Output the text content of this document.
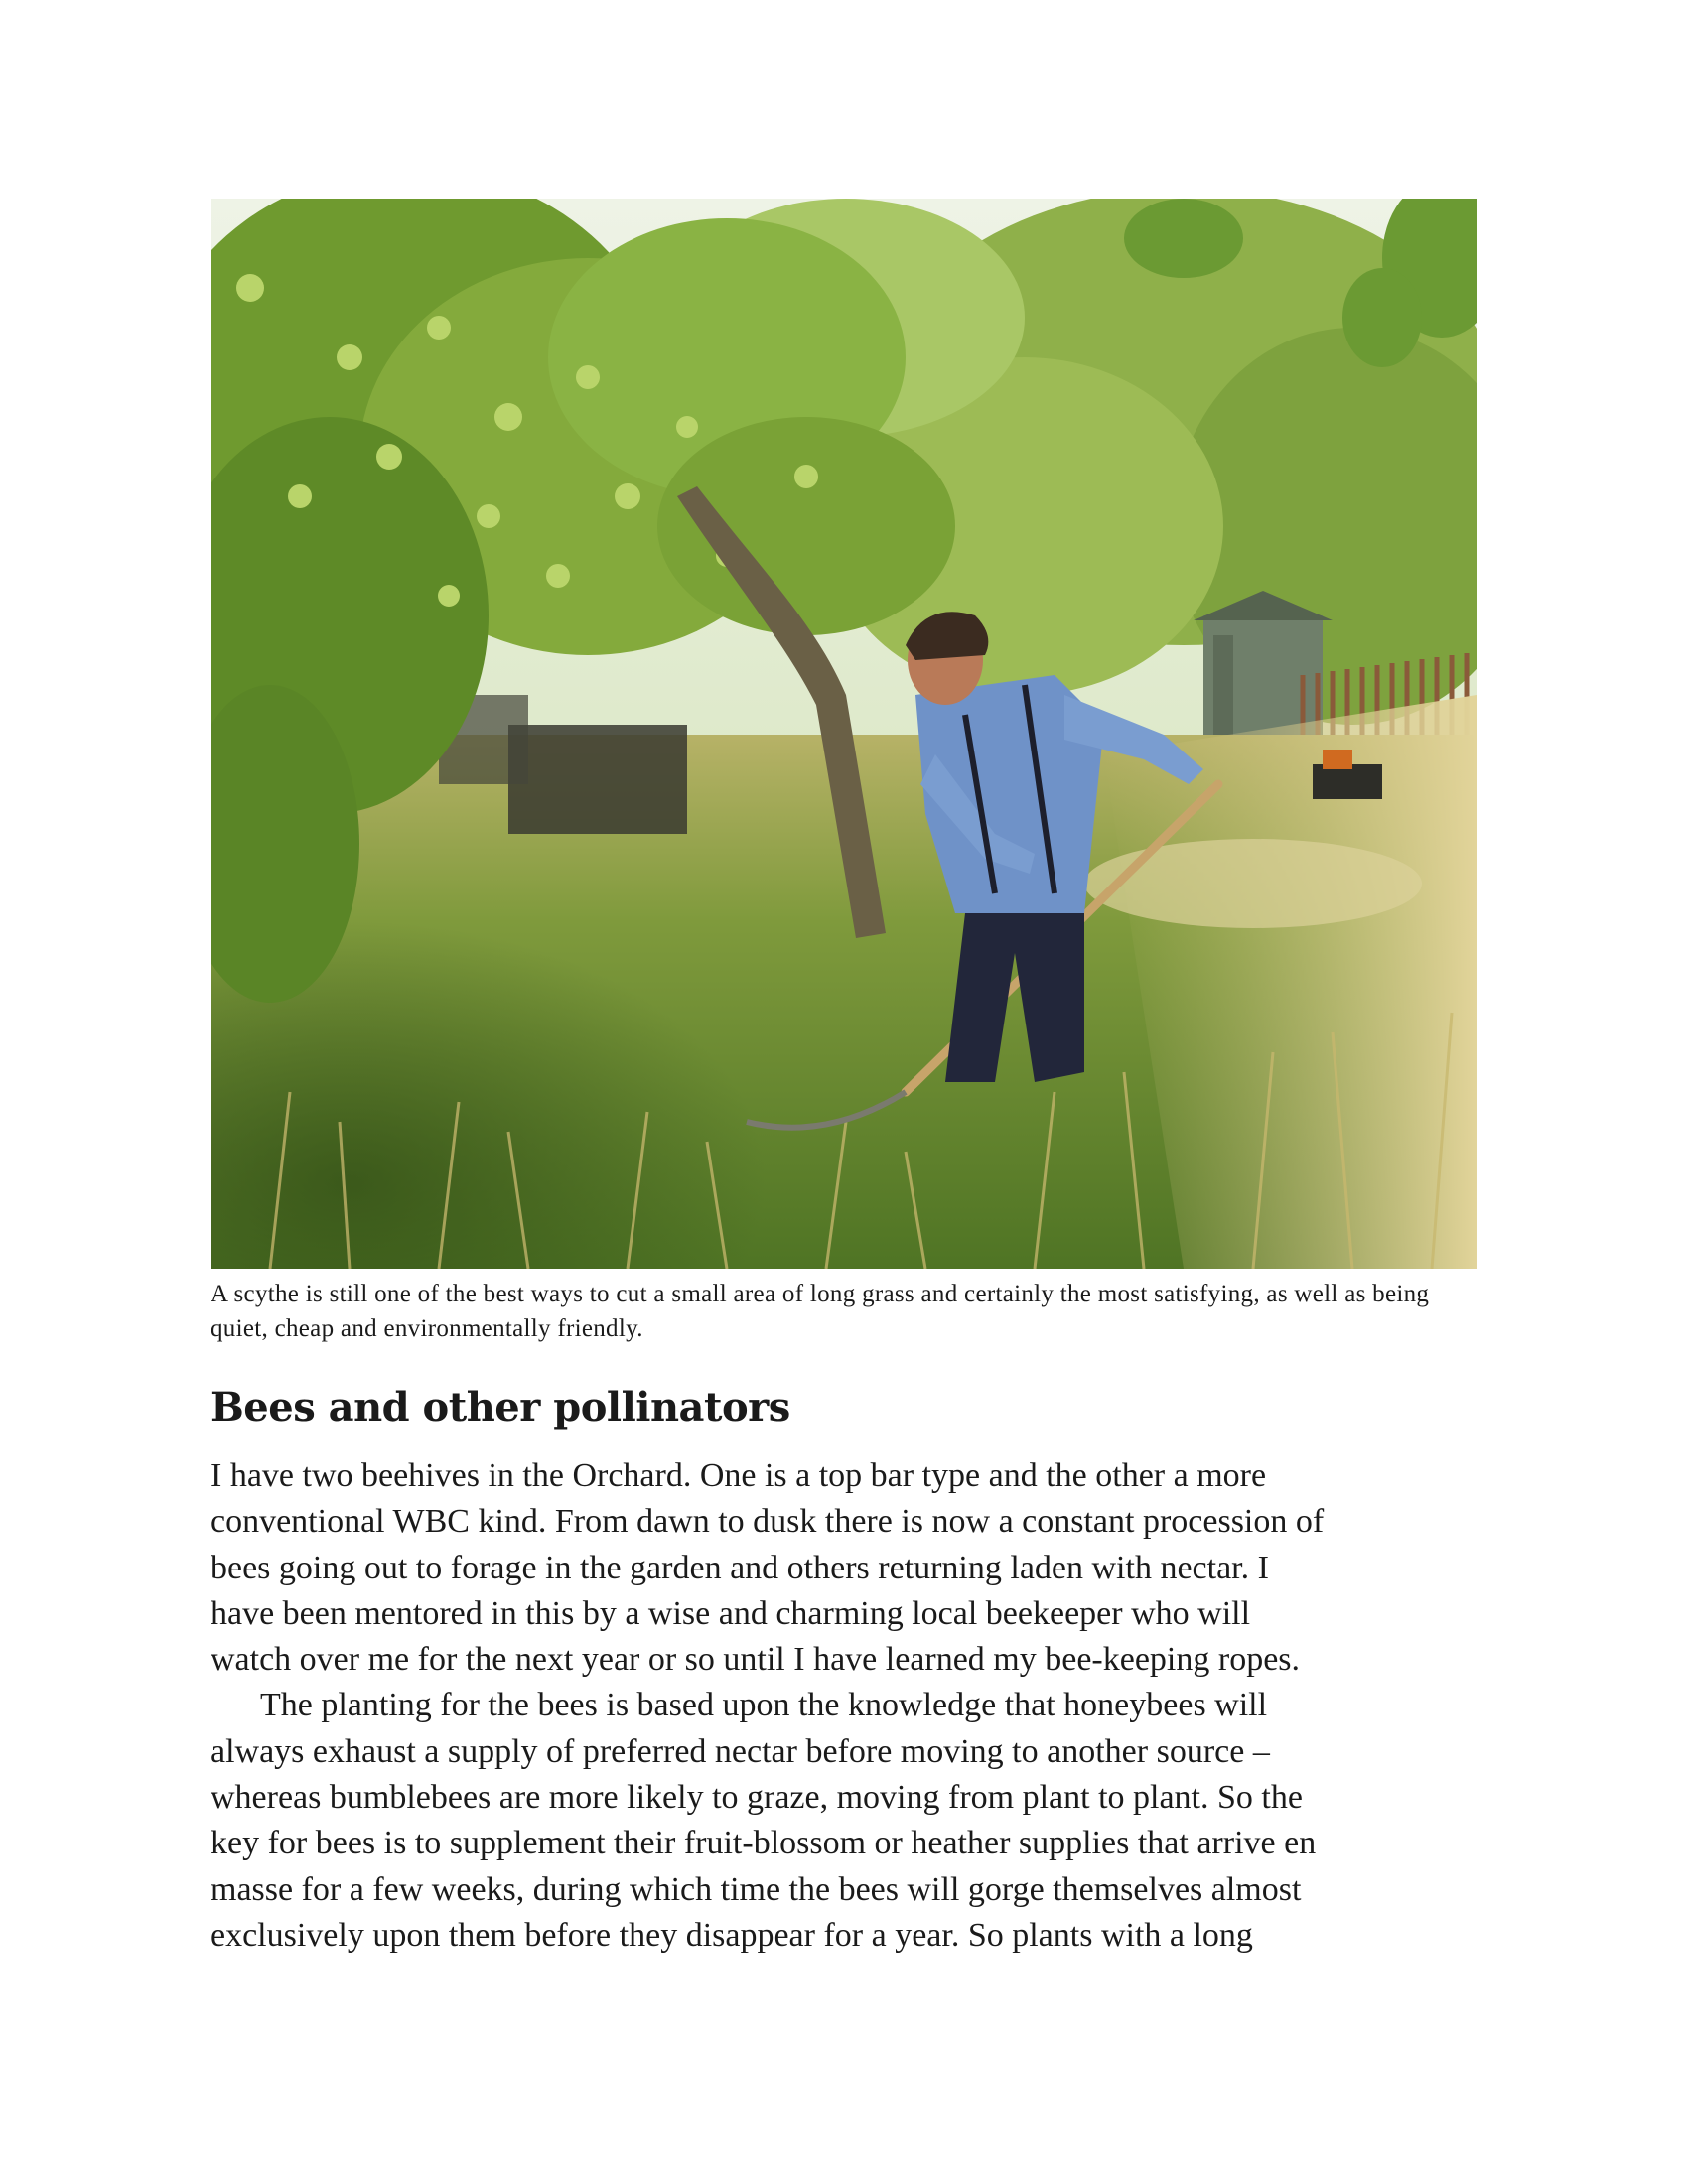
A scythe is still one of the best ways to cut a small area of long grass and certainly the most satisfying, as well as being quiet, cheap and environmentally friendly.

Bees and other pollinators

I have two beehives in the Orchard. One is a top bar type and the other a more
conventional WBC kind. From dawn to dusk there is now a constant procession of
bees going out to forage in the garden and others returning laden with nectar. I
have been mentored in this by a wise and charming local beekeeper who will
watch over me for the next year or so until I have learned my bee-keeping ropes.

The planting for the bees is based upon the knowledge that honeybees will
always exhaust a supply of preferred nectar before moving to another source –
whereas bumblebees are more likely to graze, moving from plant to plant. So the
key for bees is to supplement their fruit-blossom or heather supplies that arrive en
masse for a few weeks, during which time the bees will gorge themselves almost
exclusively upon them before they disappear for a year. So plants with a long
